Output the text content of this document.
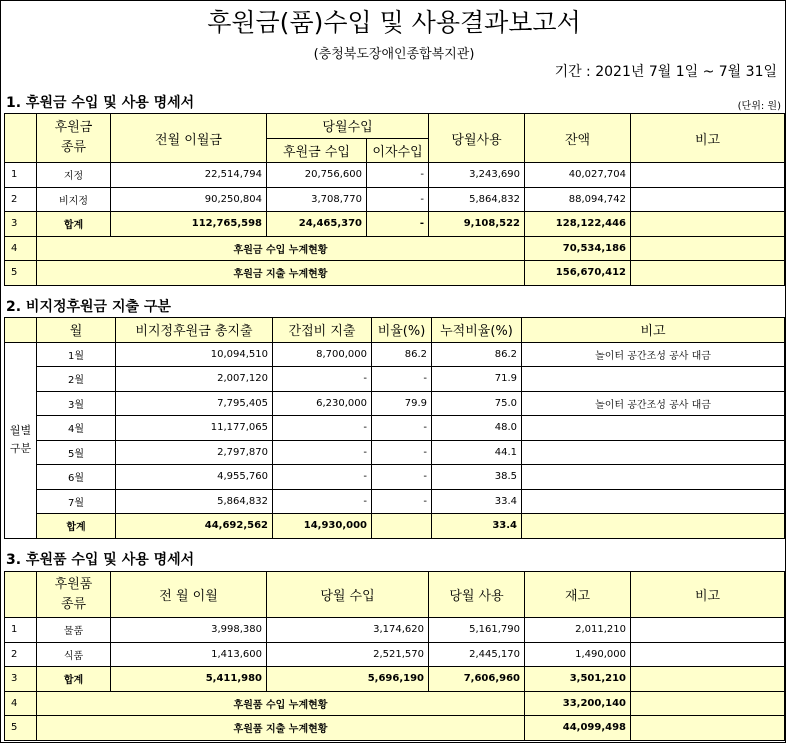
후원금(품)수입 및 사용결과보고서
(충청북도장애인종합복지관)
기간 : 2021년 7월 1일 ~ 7월 31일
1. 후원금 수입 및 사용 명세서	(단위: 원)
	후원금
종류	전월 이월금	당월수입		당월사용	잔액	비고
			후원금 수입	이자수입			
1	지정	22,514,794	20,756,600	-	3,243,690	40,027,704	
2	비지정	90,250,804	3,708,770	-	5,864,832	88,094,742	
3	합계	112,765,598	24,465,370	-	9,108,522	128,122,446	
4	후원금 수입 누계현황					70,534,186	
5	후원금 지출 누계현황					156,670,412	
2. 비지정후원금 지출 구분
	월	비지정후원금 총지출	간접비 지출	비율(%)	누적비율(%)	비고
월별
구분	1월	10,094,510	8,700,000	86.2	86.2	놀이터 공간조성 공사 대금
	2월	2,007,120	-	-	71.9	
	3월	7,795,405	6,230,000	79.9	75.0	놀이터 공간조성 공사 대금
	4월	11,177,065	-	-	48.0	
	5월	2,797,870	-	-	44.1	
	6월	4,955,760	-	-	38.5	
	7월	5,864,832	-	-	33.4	
	합계	44,692,562	14,930,000		33.4	
3. 후원품 수입 및 사용 명세서
	후원품
종류	전 월 이월	당월 수입	당월 사용	재고	비고
1	물품	3,998,380	3,174,620	5,161,790	2,011,210	
2	식품	1,413,600	2,521,570	2,445,170	1,490,000	
3	합계	5,411,980	5,696,190	7,606,960	3,501,210	
4	후원품 수입 누계현황				33,200,140	
5	후원품 지출 누계현황				44,099,498	
